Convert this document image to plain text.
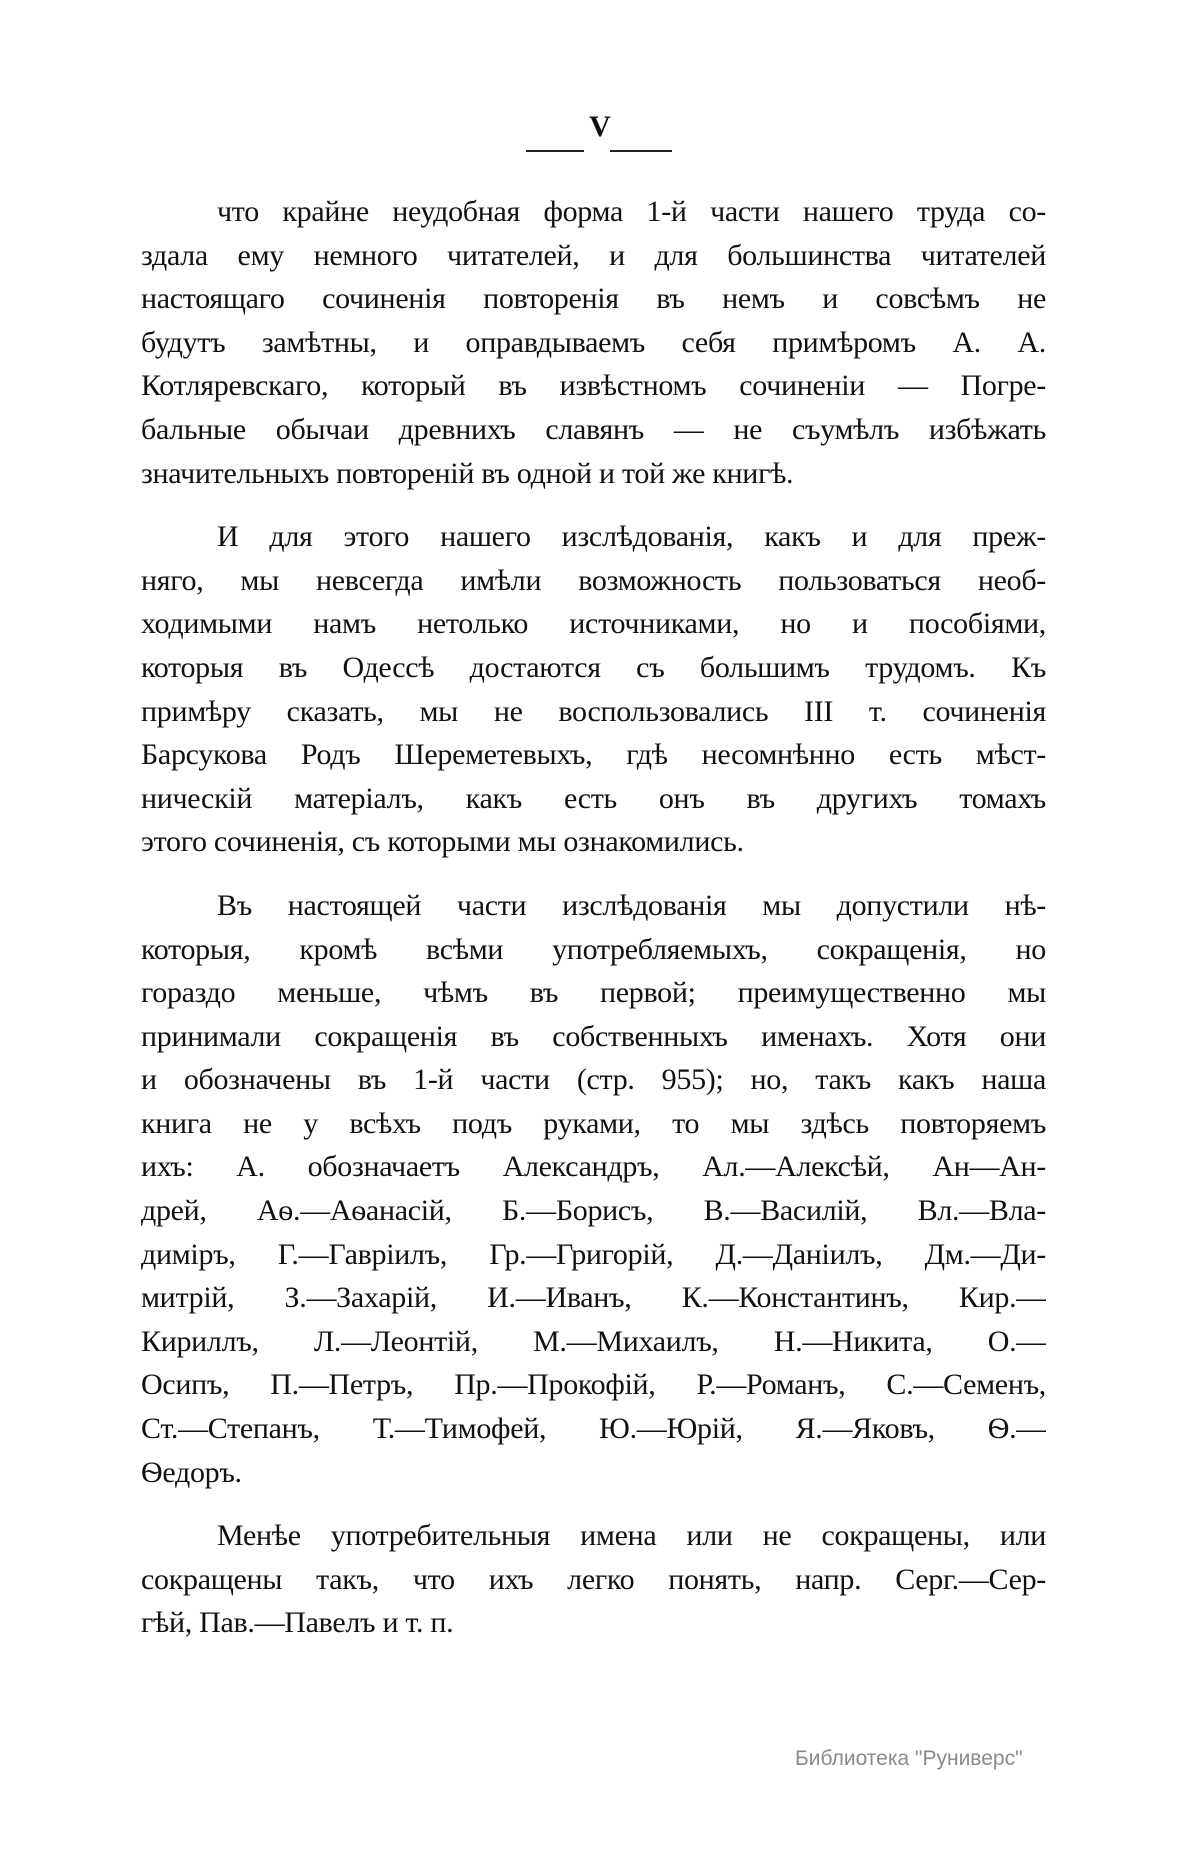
V
что крайне неудобная форма 1-й части нашего труда со-
здала ему немного читателей, и для большинства читателей
настоящаго сочиненія повторенія въ немъ и совсѣмъ не
будутъ замѣтны, и оправдываемъ себя примѣромъ А. А.
Котляревскаго, который въ извѣстномъ сочиненіи — Погре-
бальные обычаи древнихъ славянъ — не съумѣлъ избѣжать
значительныхъ повтореній въ одной и той же книгѣ.
И для этого нашего изслѣдованія, какъ и для преж-
няго, мы невсегда имѣли возможность пользоваться необ-
ходимыми намъ нетолько источниками, но и пособіями,
которыя въ Одессѣ достаются съ большимъ трудомъ. Къ
примѣру сказать, мы не воспользовались III т. сочиненія
Барсукова Родъ Шереметевыхъ, гдѣ несомнѣнно есть мѣст-
ническій матеріалъ, какъ есть онъ въ другихъ томахъ
этого сочиненія, съ которыми мы ознакомились.
Въ настоящей части изслѣдованія мы допустили нѣ-
которыя, кромѣ всѣми употребляемыхъ, сокращенія, но
гораздо меньше, чѣмъ въ первой; преимущественно мы
принимали сокращенія въ собственныхъ именахъ. Хотя они
и обозначены въ 1-й части (стр. 955); но, такъ какъ наша
книга не у всѣхъ подъ руками, то мы здѣсь повторяемъ
ихъ: А. обозначаетъ Александръ, Ал.—Алексѣй, Ан—Ан-
дрей, Аѳ.—Аѳанасій, Б.—Борисъ, В.—Василій, Вл.—Вла-
диміръ, Г.—Гавріилъ, Гр.—Григорій, Д.—Даніилъ, Дм.—Ди-
митрій, З.—Захарій, И.—Иванъ, К.—Константинъ, Кир.—
Кириллъ, Л.—Леонтій, М.—Михаилъ, Н.—Никита, О.—
Осипъ, П.—Петръ, Пр.—Прокофій, Р.—Романъ, С.—Семенъ,
Ст.—Степанъ, Т.—Тимофей, Ю.—Юрій, Я.—Яковъ, Ѳ.—
Ѳедоръ.
Менѣе употребительныя имена или не сокращены, или
сокращены такъ, что ихъ легко понять, напр. Серг.—Сер-
гѣй, Пав.—Павелъ и т. п.
Библиотека "Руниверс"
